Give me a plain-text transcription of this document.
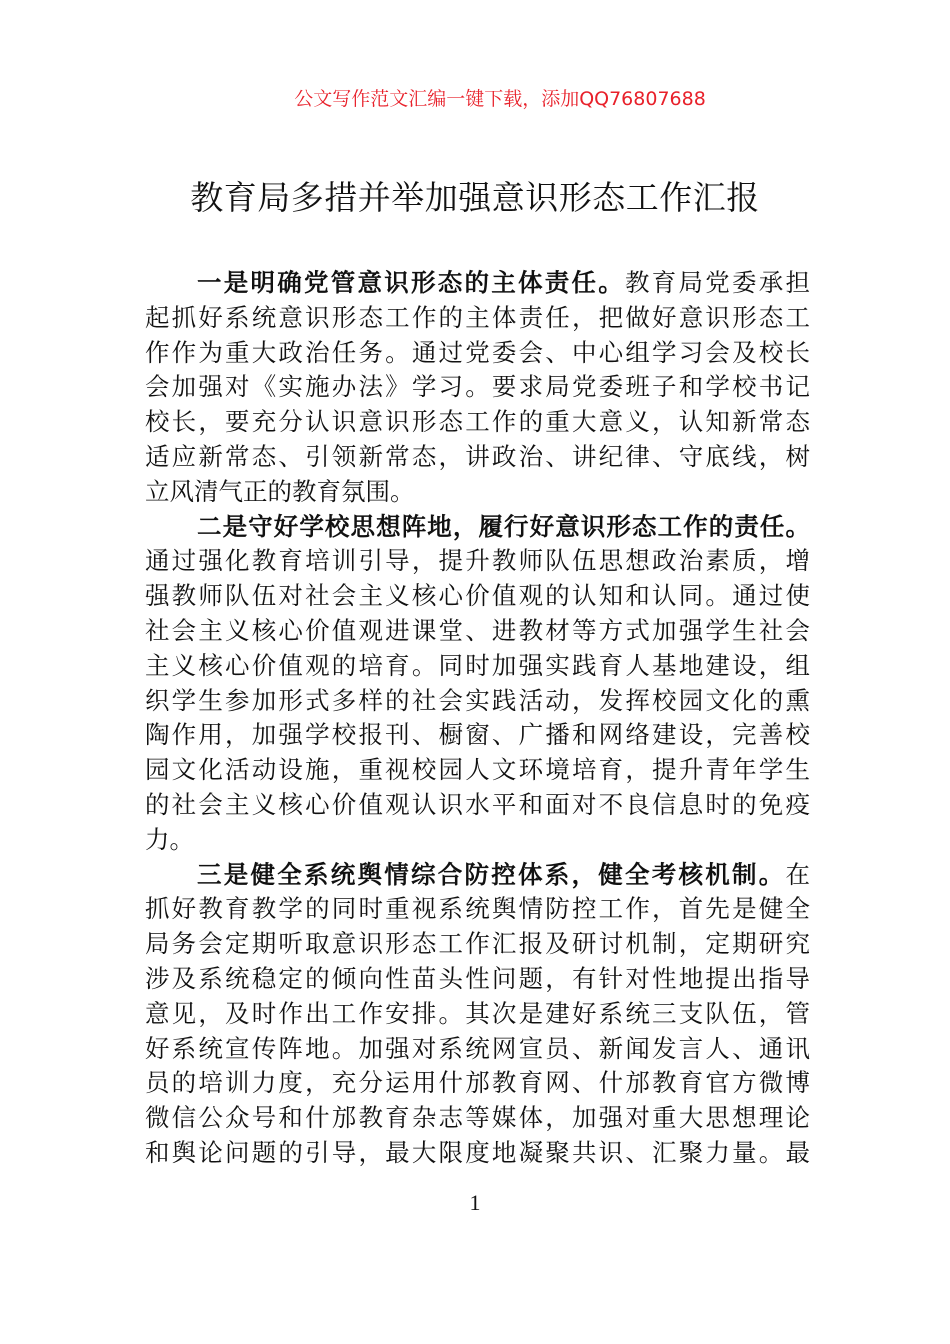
公文写作范文汇编一键下载，添加QQ76807688
教育局多措并举加强意识形态工作汇报
一是明确党管意识形态的主体责任。教育局党委承担
起抓好系统意识形态工作的主体责任，把做好意识形态工
作作为重大政治任务。通过党委会、中心组学习会及校长
会加强对《实施办法》学习。要求局党委班子和学校书记
校长，要充分认识意识形态工作的重大意义，认知新常态
适应新常态、引领新常态，讲政治、讲纪律、守底线，树
立风清气正的教育氛围。
二是守好学校思想阵地，履行好意识形态工作的责任。
通过强化教育培训引导，提升教师队伍思想政治素质，增
强教师队伍对社会主义核心价值观的认知和认同。通过使
社会主义核心价值观进课堂、进教材等方式加强学生社会
主义核心价值观的培育。同时加强实践育人基地建设，组
织学生参加形式多样的社会实践活动，发挥校园文化的熏
陶作用，加强学校报刊、橱窗、广播和网络建设，完善校
园文化活动设施，重视校园人文环境培育，提升青年学生
的社会主义核心价值观认识水平和面对不良信息时的免疫
力。
三是健全系统舆情综合防控体系，健全考核机制。在
抓好教育教学的同时重视系统舆情防控工作，首先是健全
局务会定期听取意识形态工作汇报及研讨机制，定期研究
涉及系统稳定的倾向性苗头性问题，有针对性地提出指导
意见，及时作出工作安排。其次是建好系统三支队伍，管
好系统宣传阵地。加强对系统网宣员、新闻发言人、通讯
员的培训力度，充分运用什邡教育网、什邡教育官方微博
微信公众号和什邡教育杂志等媒体，加强对重大思想理论
和舆论问题的引导，最大限度地凝聚共识、汇聚力量。最
1
